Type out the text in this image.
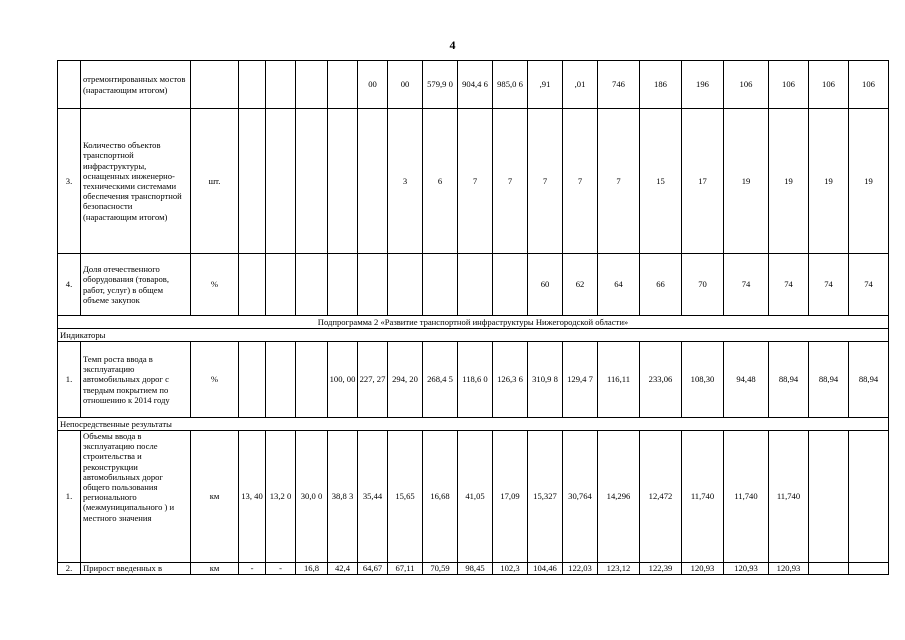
4
	отремонтированных мостов (нарастающим итогом)						00	00	579,9 0	904,4 6	985,0 6	,91	,01	746	186	196	106	106	106	106
3.	Количество объектов транспортной инфраструктуры, оснащенных инженерно-техническими системами обеспечения транспортной безопасности (нарастающим итогом)	шт.						3	6	7	7	7	7	7	15	17	19	19	19	19
4.	Доля отечественного оборудования (товаров, работ, услуг) в общем объеме закупок	%										60	62	64	66	70	74	74	74	74
Подпрограмма 2 «Развитие транспортной инфраструктуры Нижегородской области»																				
Индикаторы																				
1.	Темп роста ввода в эксплуатацию автомобильных дорог с твердым покрытием по отношению к 2014 году	%				100, 00	227, 27	294, 20	268,4 5	118,6 0	126,3 6	310,9 8	129,4 7	116,11	233,06	108,30	94,48	88,94	88,94	88,94
Непосредственные результаты																				
1.	Объемы ввода в эксплуатацию после строительства и реконструкции автомобильных дорог общего пользования регионального (межмуниципального ) и местного значения	км	13, 40	13,2 0	30,0 0	38,8 3	35,44	15,65	16,68	41,05	17,09	15,327	30,764	14,296	12,472	11,740	11,740	11,740		
2.	Прирост введенных в	км	-	-	16,8	42,4	64,67	67,11	70,59	98,45	102,3	104,46	122,03	123,12	122,39	120,93	120,93	120,93		
